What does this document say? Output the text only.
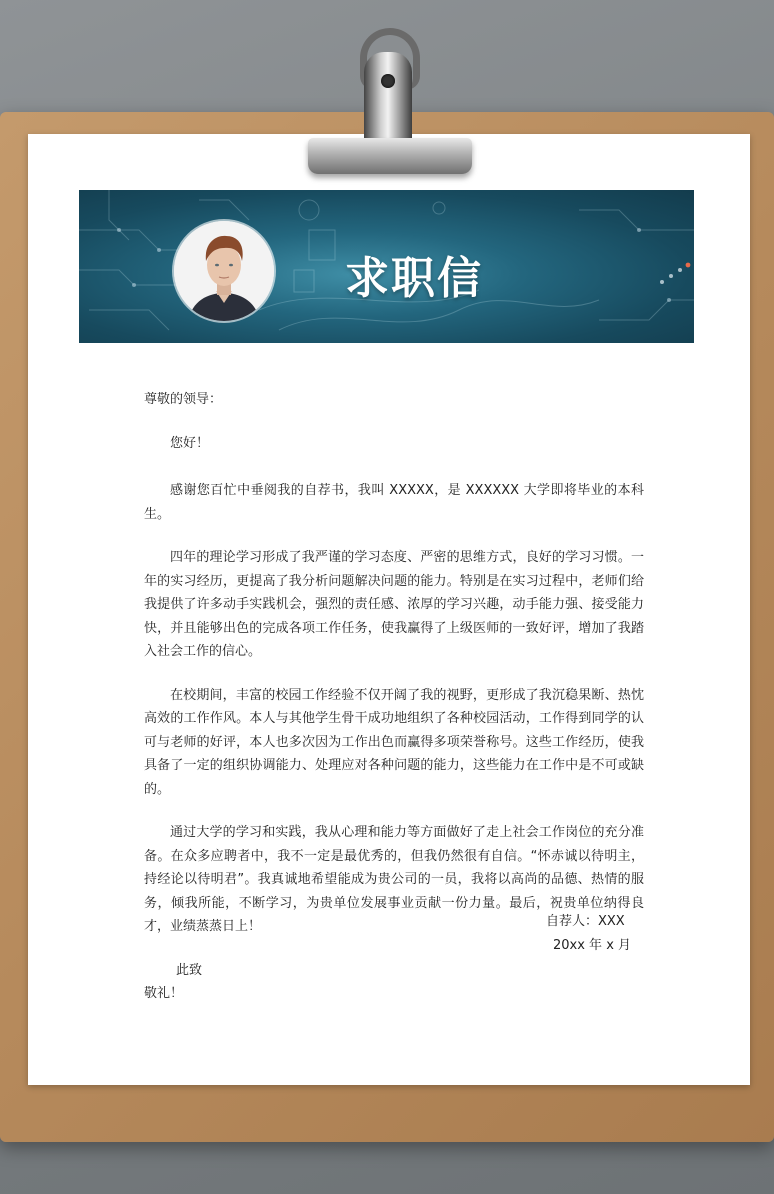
求职信

尊敬的领导：

您好！

感谢您百忙中垂阅我的自荐书，我叫 XXXXX，是 XXXXXX 大学即将毕业的本科生。

四年的理论学习形成了我严谨的学习态度、严密的思维方式，良好的学习习惯。一年的实习经历，更提高了我分析问题解决问题的能力。特别是在实习过程中，老师们给我提供了许多动手实践机会，强烈的责任感、浓厚的学习兴趣，动手能力强、接受能力快，并且能够出色的完成各项工作任务，使我赢得了上级医师的一致好评，增加了我踏入社会工作的信心。

在校期间，丰富的校园工作经验不仅开阔了我的视野，更形成了我沉稳果断、热忱高效的工作作风。本人与其他学生骨干成功地组织了各种校园活动，工作得到同学的认可与老师的好评，本人也多次因为工作出色而赢得多项荣誉称号。这些工作经历，使我具备了一定的组织协调能力、处理应对各种问题的能力，这些能力在工作中是不可或缺的。

通过大学的学习和实践，我从心理和能力等方面做好了走上社会工作岗位的充分准备。在众多应聘者中，我不一定是最优秀的，但我仍然很有自信。“怀赤诚以待明主，持经论以待明君”。我真诚地希望能成为贵公司的一员，我将以高尚的品德、热情的服务，倾我所能，不断学习，为贵单位发展事业贡献一份力量。最后，祝贵单位纳得良才，业绩蒸蒸日上！

此致

敬礼！

自荐人：XXX

20xx 年 x 月
